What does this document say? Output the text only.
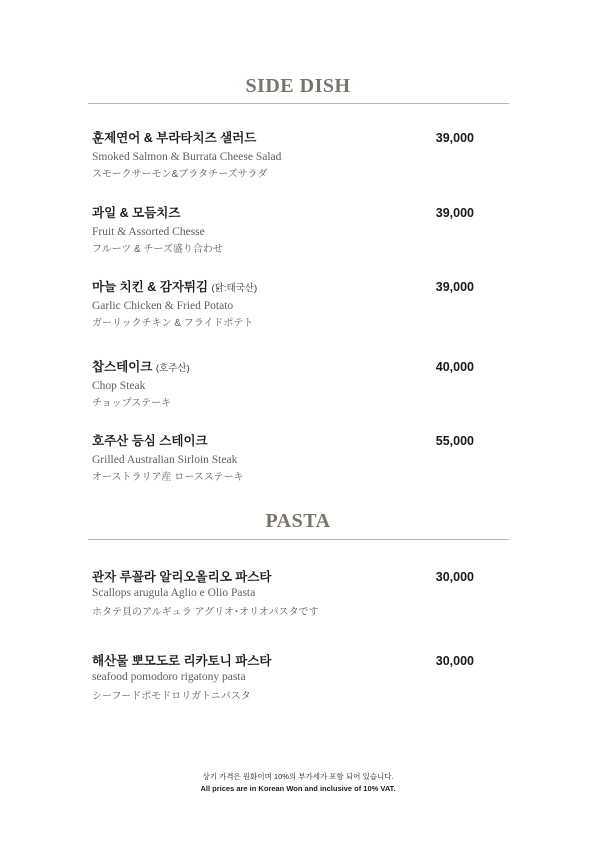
SIDE DISH
훈제연어 & 부라타치즈 샐러드	39,000
Smoked Salmon & Burrata Cheese Salad
スモークサーモン&ブラタチーズサラダ
과일 & 모듬치즈	39,000
Fruit & Assorted Chesse
フルーツ & チーズ盛り合わせ
마늘 치킨 & 감자튀김 (닭:태국산)	39,000
Garlic Chicken & Fried Potato
ガーリックチキン & フライドポテト
찹스테이크 (호주산)	40,000
Chop Steak
チョップステーキ
호주산 등심 스테이크	55,000
Grilled Australian Sirloin Steak
オーストラリア産 ロースステーキ
PASTA
관자 루꼴라 알리오올리오 파스타	30,000
Scallops arugula Aglio e Olio Pasta
ホタテ貝のアルギュラ アグリオ･オリオパスタです
해산물 뽀모도로 리카토니 파스타	30,000
seafood pomodoro rigatony pasta
シーフードポモドロリガトニパスタ
상기 가격은 원화이며 10%의 부가세가 포함 되어 있습니다.
All prices are in Korean Won and inclusive of 10% VAT.
